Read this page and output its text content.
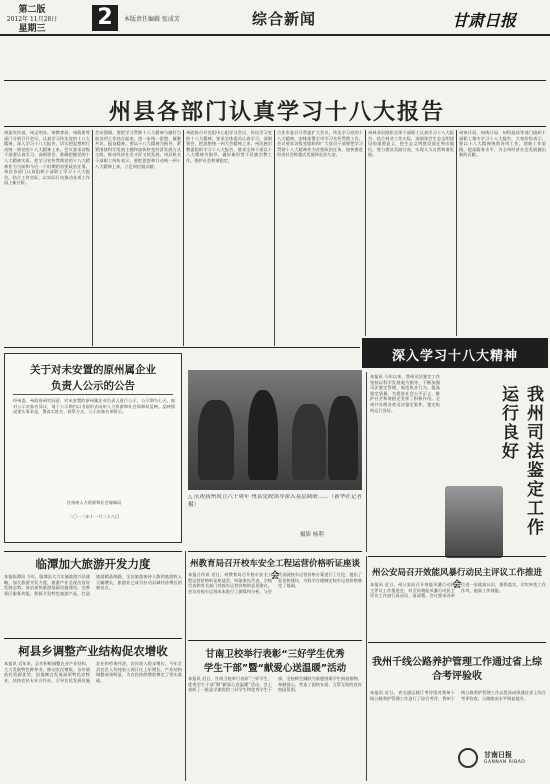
第二版
2012年 11月28日
星期三	2	本版责任编辑 张成芳	综合新闻	甘肃日报
州县各部门认真学习十八大报告
州委宣传部、州文明办、州教育局、州政协等部门分别召开会议，认真学习传达党的十八大精神，深入学习十八大报告，切实把思想和行动统一到党的十八大精神上来。会议要求各级干部要认真学习、深刻领会、准确把握党的十八大精神实质，把学习宣传贯彻党的十八大精神作为当前和今后一个时期的首要政治任务。州县各部门认真组织干部职工学习十八大报告，结合工作实际，以实际行动推动各项工作再上新台阶。
会议强调，要把学习贯彻十八大精神与做好当前各项工作结合起来，进一步统一思想、凝聚共识、振奋精神。要以十八大精神为指导，紧紧围绕科学发展主题和加快转变经济发展方式主线，推动经济社会又好又快发展。州县机关干部职工纷纷表示，要把思想和行动统一到十八大精神上来，立足岗位做贡献。
州政协召开党组中心组学习会议，传达学习党的十八大精神，要求全体委员认真学习，深刻领会，把思想统一到大会精神上来。州民族宗教委组织学习十八大报告，要求全体干部以十八大精神为指导，做好新形势下民族宗教工作，维护社会和谐稳定。
合作市委召开常委扩大会议，传达学习党的十八大精神，安排部署全市学习宣传贯彻工作。会议要求各级党组织和广大党员干部要把学习贯彻十八大精神作为首要政治任务，加快推进经济社会跨越式发展和长治久安。
州林业局组织全体干部职工认真学习十八大报告，结合林业工作实际，深刻领会生态文明建设的重要意义，把生态文明建设放在突出地位，努力建设美丽甘南，实现人与自然和谐发展。
州审计局、州统计局、州科技局等部门组织干部职工集中学习十八大报告，大家纷纷表示，要以十八大精神统领各项工作，创新工作思路，提高服务水平，为全州经济社会发展做出新的贡献。
深入学习十八大精神
关于对未安置的原州属企业
负责人公示的公告
经州委、州政府研究同意，对未安置的原州属企业负责人进行公示，公示期为七天。如对公示对象有异议，请于公示期内以书面形式向州人力资源和社会保障局反映。反映情况要实事求是，署真实姓名、联系方式。公示对象名单附后。
甘南州人力资源和社会保障局
二〇一二年十一月二十八日
△ 庆祝我州成立六十周年 州县党政领导深入基层调研……（新华社记者 摄）
摄影 杨利
本报讯 今年以来，我州司法鉴定工作坚持以科学发展观为指导，不断加强司法鉴定管理，规范执业行为，提高鉴定质量，为促进社会公平正义、维护社会和谐稳定发挥了积极作用。全州共办理各类司法鉴定案件，鉴定机构运行良好。	我州司法鉴定工作运行良好
临潭加大旅游开发力度
本报临潭讯 今年，临潭县大力实施旅游兴县战略，加大旅游开发力度，旅游产业呈现出良好发展态势。该县加快旅游基础设施建设，完善景区服务功能，积极开发特色旅游产品，打造旅游精品线路，全县旅游接待人数和旅游收入大幅增长，旅游业已成为拉动县域经济增长的新亮点。
柯县乡调整产业结构促农增收
本报讯 近年来，县乡积极调整农业产业结构，大力发展特色种养业，推动农民增收。各乡镇依托资源优势，因地制宜发展高原特色农牧业，扶持农民专业合作社，引导农民发展设施农业和劳务经济，农民收入稳步增长。今年全县农民人均纯收入预计比上年增长，产业结构调整成效明显，为农民持续增收奠定了坚实基础。
州教育局召开校车安全工程运营价格听证座谈会
本报合作讯 近日，州教育局召开校车安全工程运营价格听证座谈会，听取家长代表、学校代表和有关部门对校车运营价格的意见建议。会议对校车运营成本进行了测算和分析，与会代表就校车运营价格方案进行了讨论，提出了意见和建议，为科学合理制定校车运营价格奠定了基础。
甘南卫校举行表彰“三好学生优秀
学生干部”暨“献爱心送温暖”活动
本报讯 近日，甘南卫校举行表彰“三好学生、优秀学生干部”暨“献爱心送温暖”活动。会上表彰了一批品学兼优的三好学生和优秀学生干部，全校师生踊跃为家庭困难学生捐款捐物，奉献爱心，营造了团结友爱、互帮互助的良好校园氛围。
州公安局召开效能风暴行动民主评议工作推进会
本报讯 近日，州公安局召开效能风暴行动民主评议工作推进会，对全局效能风暴行动民主评议工作进行再动员、再部署。会议要求各单位进一步提高认识，狠抓落实，切实转变工作作风，提高工作效能。
我州千线公路养护管理工作通过省上综合考评验收
本报讯 近日，省交通运输厅考评组对我州干线公路养护管理工作进行了综合考评，我州干线公路养护管理工作以优异成绩通过省上综合考评验收，公路路况水平明显提升。
甘南日报
GANNAN RIBAO
